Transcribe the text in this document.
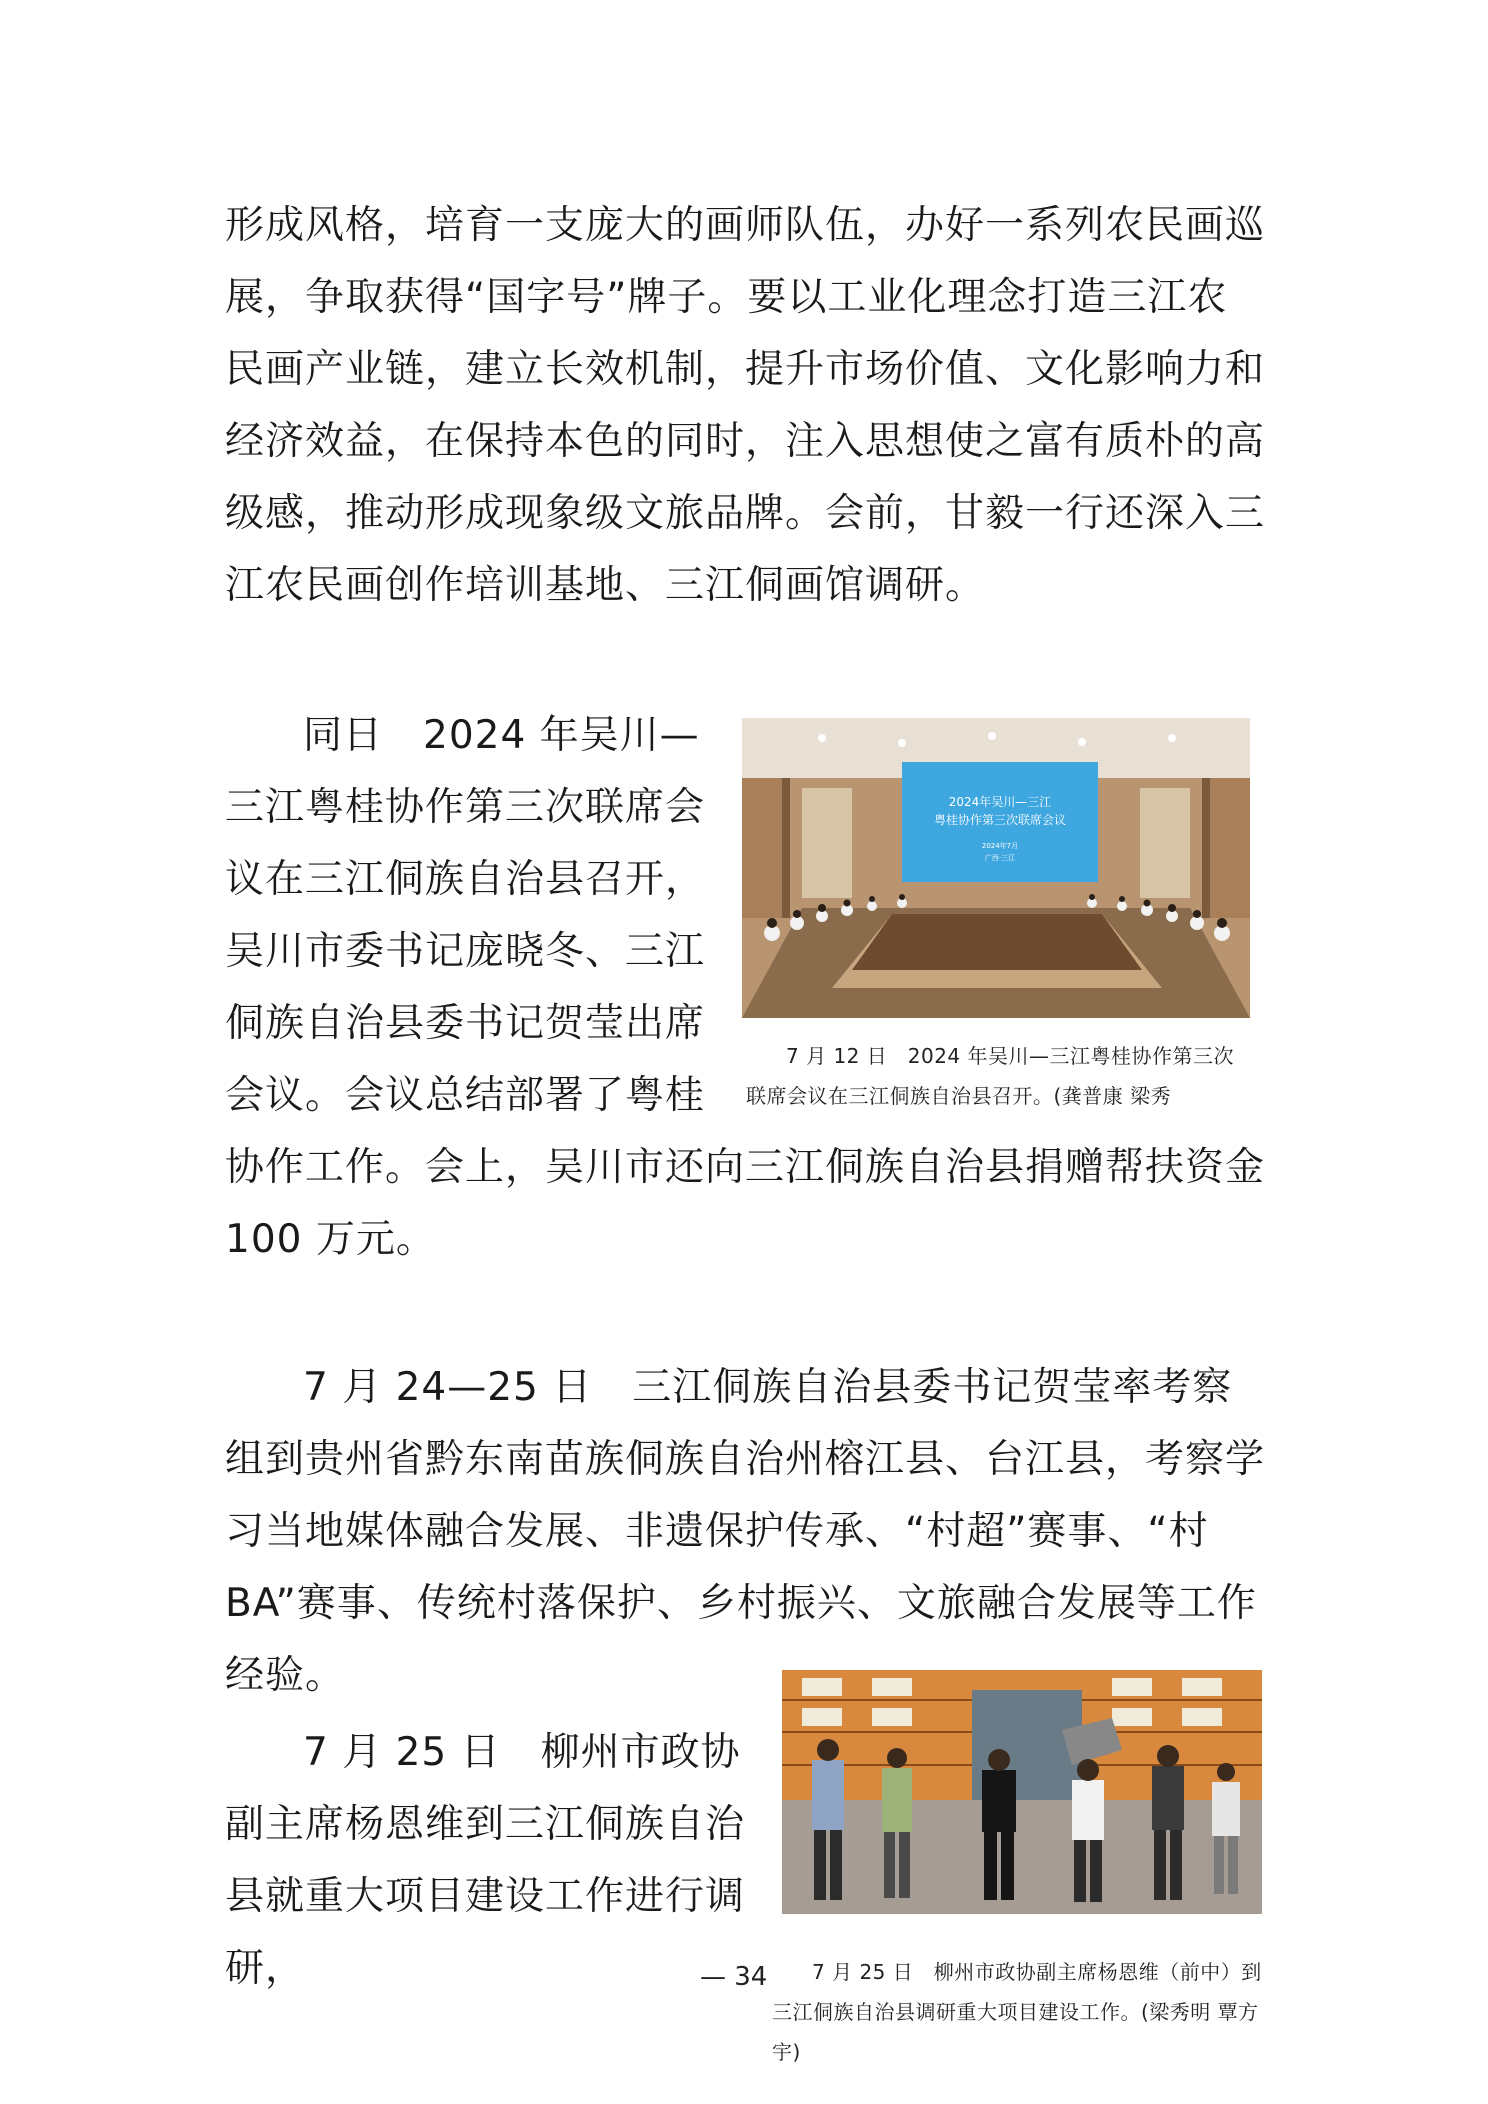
形成风格，培育一支庞大的画师队伍，办好一系列农民画巡展，争取获得“国字号”牌子。要以工业化理念打造三江农民画产业链，建立长效机制，提升市场价值、文化影响力和经济效益，在保持本色的同时，注入思想使之富有质朴的高级感，推动形成现象级文旅品牌。会前，甘毅一行还深入三江农民画创作培训基地、三江侗画馆调研。

同日　2024 年吴川—三江粤桂协作第三次联席会议在三江侗族自治县召开，吴川市委书记庞晓冬、三江侗族自治县委书记贺莹出席会议。会议总结部署了粤桂

协作工作。会上，吴川市还向三江侗族自治县捐赠帮扶资金 100 万元。

2024年吴川—三江
粤桂协作第三次联席会议
2024年7月
广西·三江
7 月 12 日　2024 年吴川—三江粤桂协作第三次联席会议在三江侗族自治县召开。(龚普康 梁秀

7 月 24—25 日　三江侗族自治县委书记贺莹率考察组到贵州省黔东南苗族侗族自治州榕江县、台江县，考察学习当地媒体融合发展、非遗保护传承、“村超”赛事、“村 BA”赛事、传统村落保护、乡村振兴、文旅融合发展等工作经验。

7 月 25 日　柳州市政协副主席杨恩维到三江侗族自治县就重大项目建设工作进行调研，	7 月 25 日　柳州市政协副主席杨恩维（前中）到三江侗族自治县调研重大项目建设工作。(梁秀明 覃方宇)
— 34
